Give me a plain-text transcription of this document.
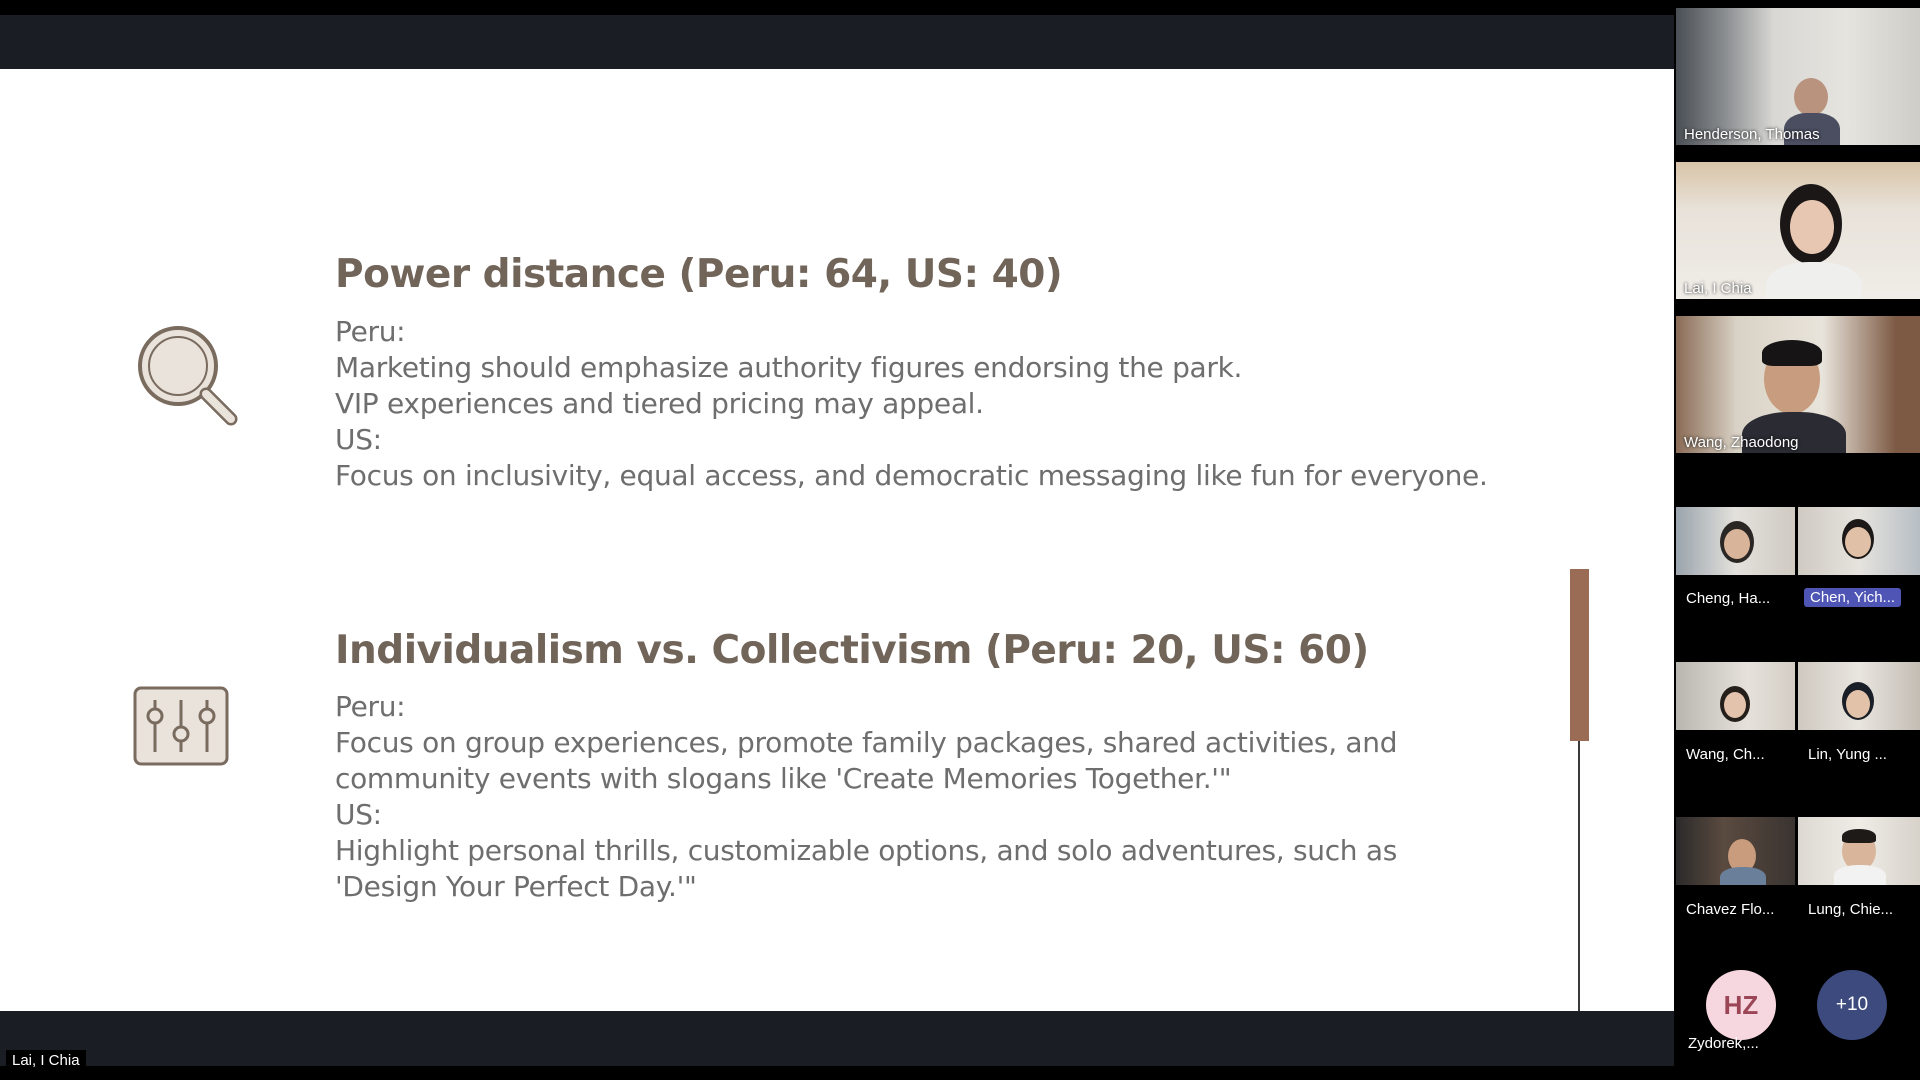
Power distance (Peru: 64, US: 40)

Peru:

Marketing should emphasize authority figures endorsing the park.

VIP experiences and tiered pricing may appeal.

US:

Focus on inclusivity, equal access, and democratic messaging like fun for everyone.

Individualism vs. Collectivism (Peru: 20, US: 60)

Peru:

Focus on group experiences, promote family packages, shared activities, and

community events with slogans like 'Create Memories Together.'"

US:

Highlight personal thrills, customizable options, and solo adventures, such as

'Design Your Perfect Day.'"

Lai, I Chia
Henderson, Thomas
Lai, I Chia
Wang, Zhaodong
Cheng, Ha...	Chen, Yich...
Wang, Ch...	Lin, Yung ...
Chavez Flo... Lung, Chie...
HZ
Zydorek,...
+10
